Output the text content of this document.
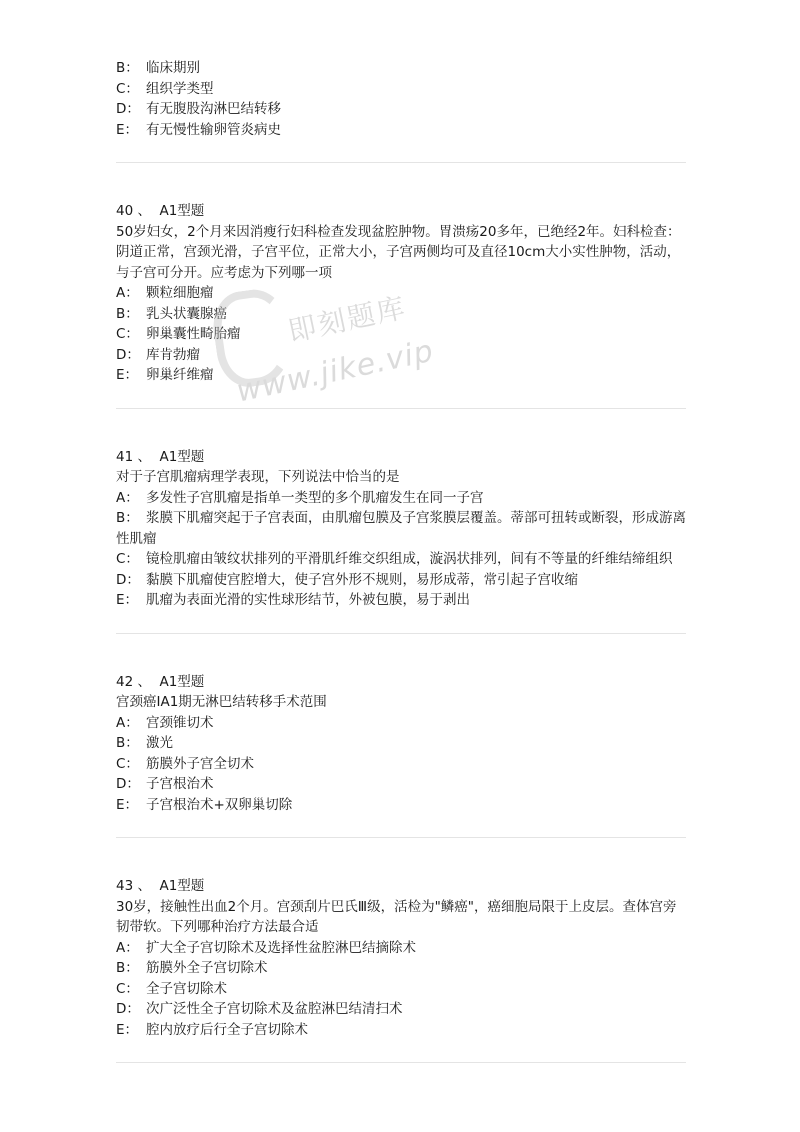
B： 临床期别
C： 组织学类型
D： 有无腹股沟淋巴结转移
E： 有无慢性输卵管炎病史
40 、 A1型题
50岁妇女，2个月来因消瘦行妇科检查发现盆腔肿物。胃溃疡20多年，已绝经2年。妇科检查：阴道正常，宫颈光滑，子宫平位，正常大小，子宫两侧均可及直径10cm大小实性肿物，活动，与子宫可分开。应考虑为下列哪一项
A： 颗粒细胞瘤
B： 乳头状囊腺癌
C： 卵巢囊性畸胎瘤
D： 库肯勃瘤
E： 卵巢纤维瘤
41 、 A1型题
对于子宫肌瘤病理学表现，下列说法中恰当的是
A： 多发性子宫肌瘤是指单一类型的多个肌瘤发生在同一子宫
B： 浆膜下肌瘤突起于子宫表面，由肌瘤包膜及子宫浆膜层覆盖。蒂部可扭转或断裂，形成游离性肌瘤
C： 镜检肌瘤由皱纹状排列的平滑肌纤维交织组成，漩涡状排列，间有不等量的纤维结缔组织
D： 黏膜下肌瘤使宫腔增大，使子宫外形不规则，易形成蒂，常引起子宫收缩
E： 肌瘤为表面光滑的实性球形结节，外被包膜，易于剥出
42 、 A1型题
宫颈癌ⅠA1期无淋巴结转移手术范围
A： 宫颈锥切术
B： 激光
C： 筋膜外子宫全切术
D： 子宫根治术
E： 子宫根治术+双卵巢切除
43 、 A1型题
30岁，接触性出血2个月。宫颈刮片巴氏Ⅲ级，活检为"鳞癌"，癌细胞局限于上皮层。查体宫旁韧带软。下列哪种治疗方法最合适
A： 扩大全子宫切除术及选择性盆腔淋巴结摘除术
B： 筋膜外全子宫切除术
C： 全子宫切除术
D： 次广泛性全子宫切除术及盆腔淋巴结清扫术
E： 腔内放疗后行全子宫切除术
即刻题库
www.jike.vip
